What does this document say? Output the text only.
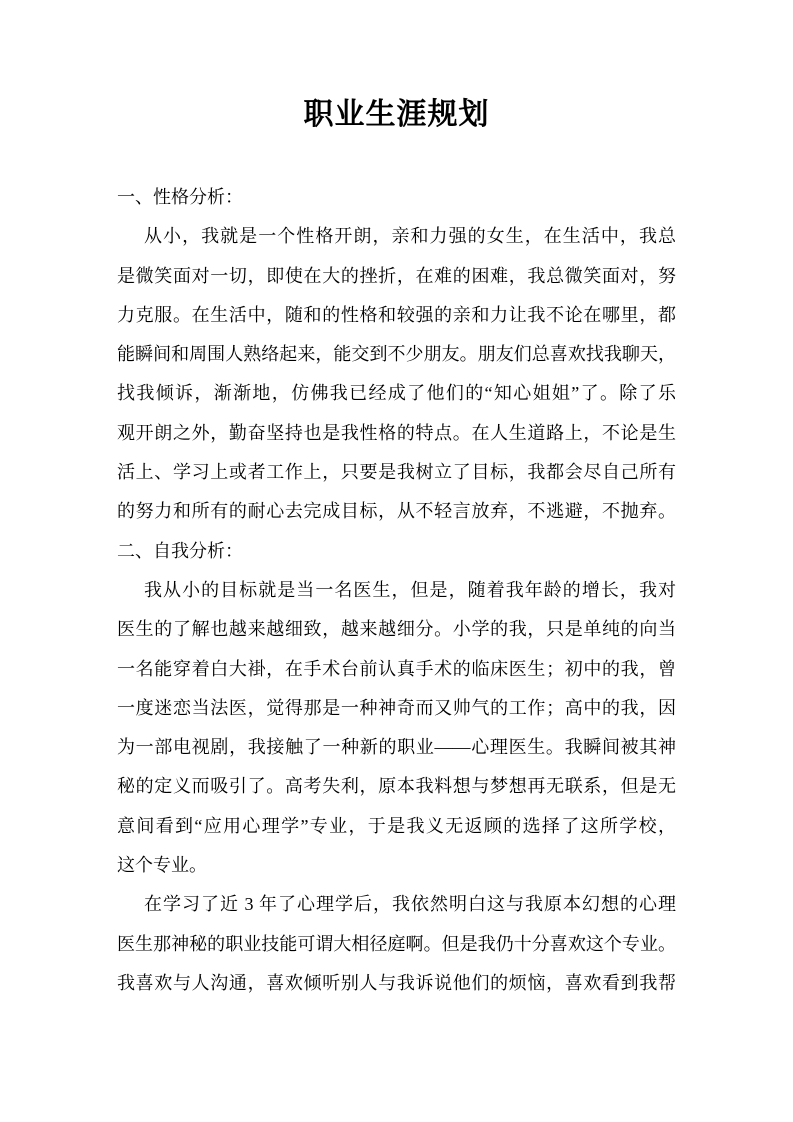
职业生涯规划
一、性格分析：
从小，我就是一个性格开朗，亲和力强的女生，在生活中，我总
是微笑面对一切，即使在大的挫折，在难的困难，我总微笑面对，努
力克服。在生活中，随和的性格和较强的亲和力让我不论在哪里，都
能瞬间和周围人熟络起来，能交到不少朋友。朋友们总喜欢找我聊天，
找我倾诉，渐渐地，仿佛我已经成了他们的“知心姐姐”了。除了乐
观开朗之外，勤奋坚持也是我性格的特点。在人生道路上，不论是生
活上、学习上或者工作上，只要是我树立了目标，我都会尽自己所有
的努力和所有的耐心去完成目标，从不轻言放弃，不逃避，不抛弃。
二、自我分析：
我从小的目标就是当一名医生，但是，随着我年龄的增长，我对
医生的了解也越来越细致，越来越细分。小学的我，只是单纯的向当
一名能穿着白大褂，在手术台前认真手术的临床医生；初中的我，曾
一度迷恋当法医，觉得那是一种神奇而又帅气的工作；高中的我，因
为一部电视剧，我接触了一种新的职业——心理医生。我瞬间被其神
秘的定义而吸引了。高考失利，原本我料想与梦想再无联系，但是无
意间看到“应用心理学”专业，于是我义无返顾的选择了这所学校，
这个专业。
在学习了近 3 年了心理学后，我依然明白这与我原本幻想的心理
医生那神秘的职业技能可谓大相径庭啊。但是我仍十分喜欢这个专业。
我喜欢与人沟通，喜欢倾听别人与我诉说他们的烦恼，喜欢看到我帮
